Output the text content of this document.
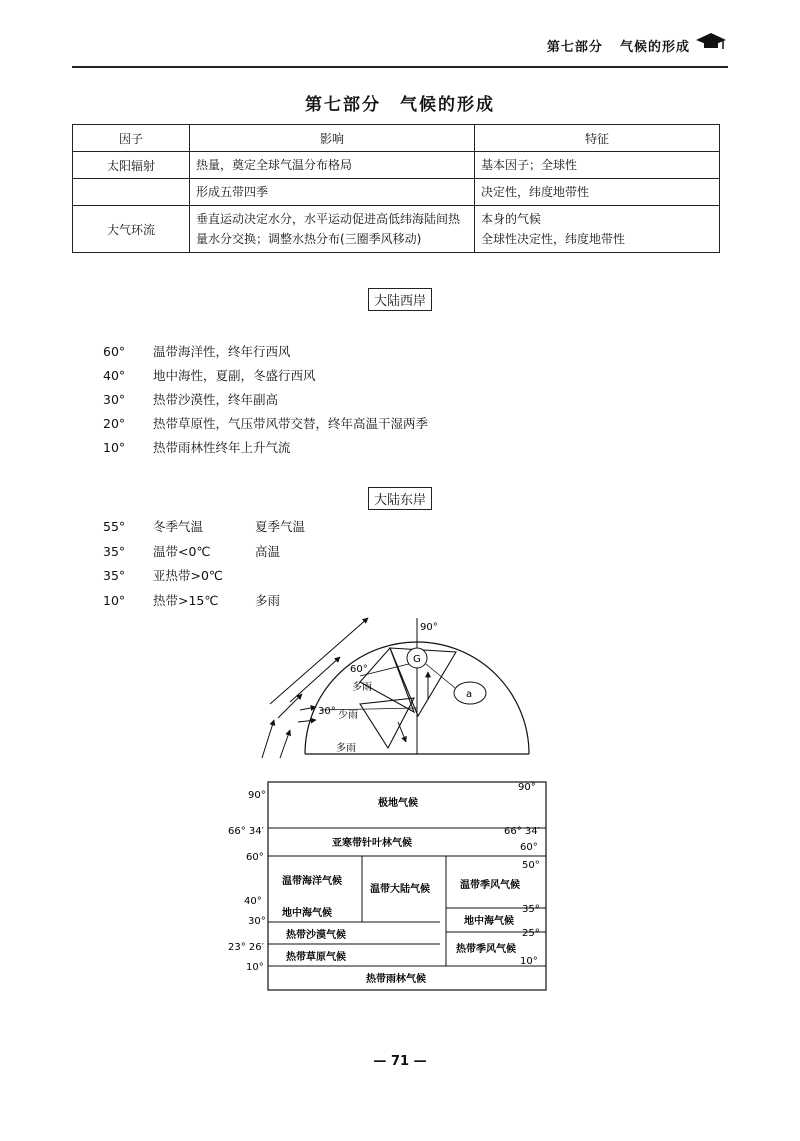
第七部分 气候的形成
第七部分　气候的形成
因子	影响	特征
太阳辐射	热量，奠定全球气温分布格局	基本因子；全球性
	形成五带四季	决定性，纬度地带性
大气环流	垂直运动决定水分，水平运动促进高低纬海陆间热量水分交换；调整水热分布(三圈季风移动)	本身的气候
全球性决定性，纬度地带性
大陆西岸
60° 温带海洋性，终年行西风
40° 地中海性，夏副，冬盛行西风
30° 热带沙漠性，终年副高
20° 热带草原性，气压带风带交替，终年高温干湿两季
10° 热带雨林性终年上升气流
大陆东岸
55° 冬季气温	夏季气温
35° 温带<0℃	高温
35° 亚热带>0℃
10° 热带>15℃	多雨
G
a
90°
60°
30°
多雨
少雨
多雨
90°
66° 34′
60°
40°
30°
23° 26′
10°
90°
66° 34′
60°
50°
35°
25°
10°
极地气候
亚寒带针叶林气候
温带海洋气候
温带大陆气候	温带季风气候
地中海气候
地中海气候
热带沙漠气候
热带季风气候
热带草原气候
热带雨林气候
— 71 —
